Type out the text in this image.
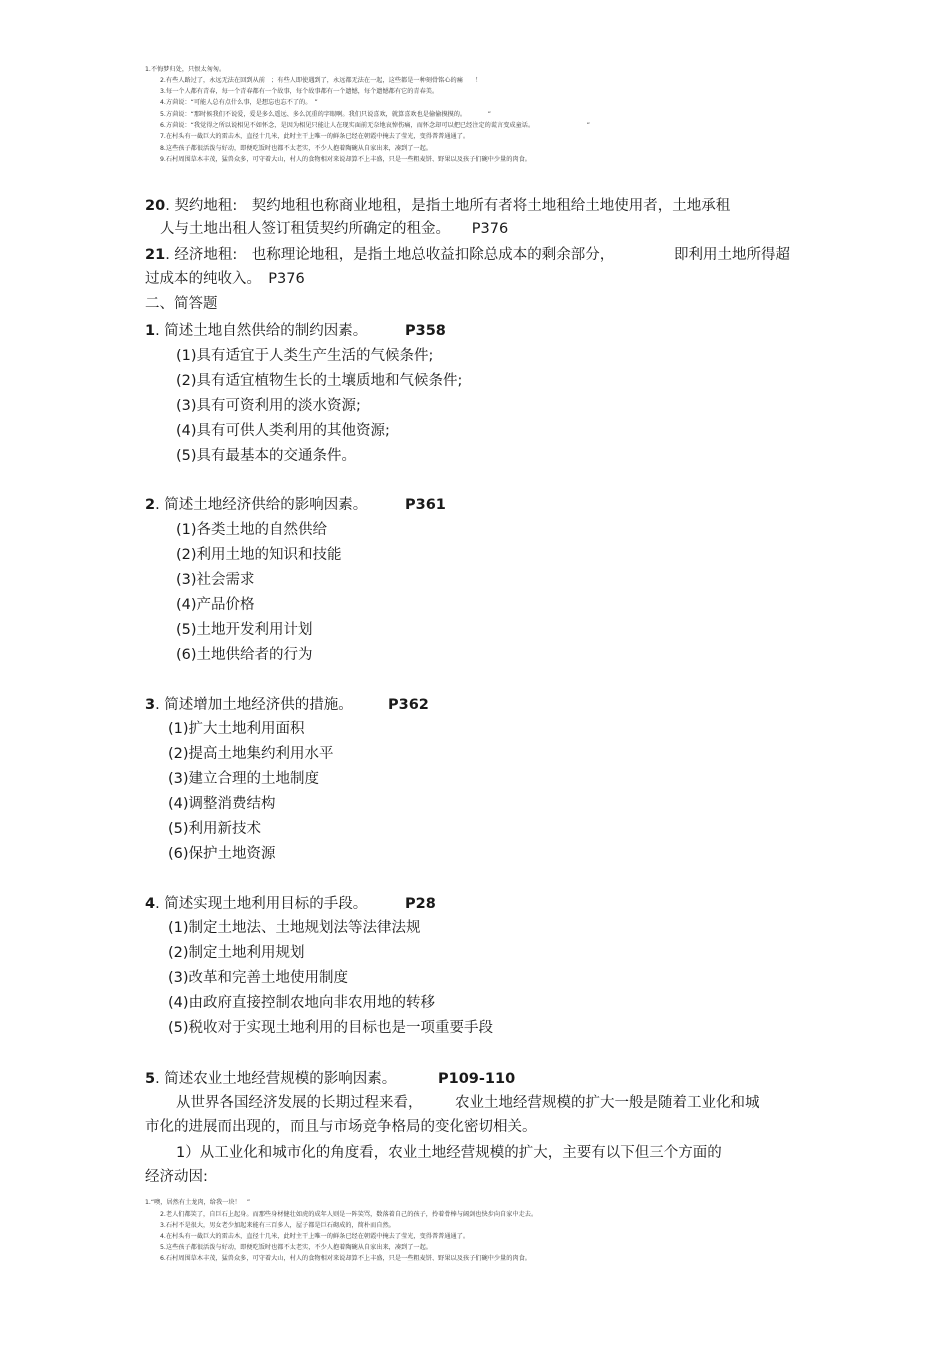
1.不悔梦归处，只恨太匆匆。
2.有些人路过了，永远无法在回到从前　；有些人即使遇到了，永远都无法在一起，这些都是一种刻骨铭心的痛　　！
3.每一个人都有青春，每一个青春都有一个故事，每个故事都有一个遗憾，每个遗憾都有它的青春美。
4.方茴说：“可能人总有点什么事，是想忘也忘不了的。　”
5.方茴说：“那时候我们不说爱，爱是多么遥远、多么沉重的字眼啊。我们只说喜欢，就算喜欢也是偷偷摸摸的。　　　　”
6.方茴说：“我觉得之所以说相见不如怀念，是因为相见只能让人在现实面前无奈地哀悼伤痛，而怀念却可以把已经注定的谎言变成童话。　　　　　　　　　”
7.在村头有一截巨大的雷击木，直径十几米，此时主干上唯一的鲜条已经在朝霞中掩去了莹光，变得普普通通了。
8.这些孩子都很活泼与好动，即便吃饭时也都不太老实，不少人抱着陶碗从自家出来，凑到了一起。
9.石村周围草木丰茂，猛兽众多，可守着大山，村人的食物相对来说却算不上丰盛，只是一些粗麦饼、野果以及孩子们碗中少量的肉食。
20. 契约地租:　契约地租也称商业地租，是指土地所有者将土地租给土地使用者，土地承租
人与土地出租人签订租赁契约所确定的租金。　　P376
21. 经济地租:　也称理论地租，是指土地总收益扣除总成本的剩余部分，	即利用土地所得超
过成本的纯收入。　P376
二、简答题
1. 简述土地自然供给的制约因素。	P358
(1)具有适宜于人类生产生活的气候条件;
(2)具有适宜植物生长的土壤质地和气候条件;
(3)具有可资利用的淡水资源;
(4)具有可供人类利用的其他资源;
(5)具有最基本的交通条件。
2. 简述土地经济供给的影响因素。	P361
(1)各类土地的自然供给
(2)利用土地的知识和技能
(3)社会需求
(4)产品价格
(5)土地开发利用计划
(6)土地供给者的行为
3. 简述增加土地经济供的措施。 P362
(1)扩大土地利用面积
(2)提高土地集约利用水平
(3)建立合理的土地制度
(4)调整消费结构
(5)利用新技术
(6)保护土地资源
4. 简述实现土地利用目标的手段。	P28
(1)制定土地法、土地规划法等法律法规
(2)制定土地利用规划
(3)改革和完善土地使用制度
(4)由政府直接控制农地向非农用地的转移
(5)税收对于实现土地利用的目标也是一项重要手段
5. 简述农业土地经营规模的影响因素。	P109-110
从世界各国经济发展的长期过程来看， 农业土地经营规模的扩大一般是随着工业化和城
市化的进展而出现的，而且与市场竞争格局的变化密切相关。
1）从工业化和城市化的角度看，农业土地经营规模的扩大，主要有以下但三个方面的
经济动因:
1.“噢，居然有土龙肉，给我一块！　”
2.老人们都笑了，自巨石上起身。而那些身材健壮如虎的成年人则是一阵笑骂，数落着自己的孩子，拎着骨棒与阔剑也快步向自家中走去。
3.石村不是很大，男女老少加起来能有三百多人，屋子都是巨石砌成的，简朴而自然。
4.在村头有一截巨大的雷击木，直径十几米，此时主干上唯一的鲜条已经在朝霞中掩去了莹光，变得普普通通了。
5.这些孩子都很活泼与好动，即便吃饭时也都不太老实，不少人抱着陶碗从自家出来，凑到了一起。
6.石村周围草木丰茂，猛兽众多，可守着大山，村人的食物相对来说却算不上丰盛，只是一些粗麦饼、野果以及孩子们碗中少量的肉食。
